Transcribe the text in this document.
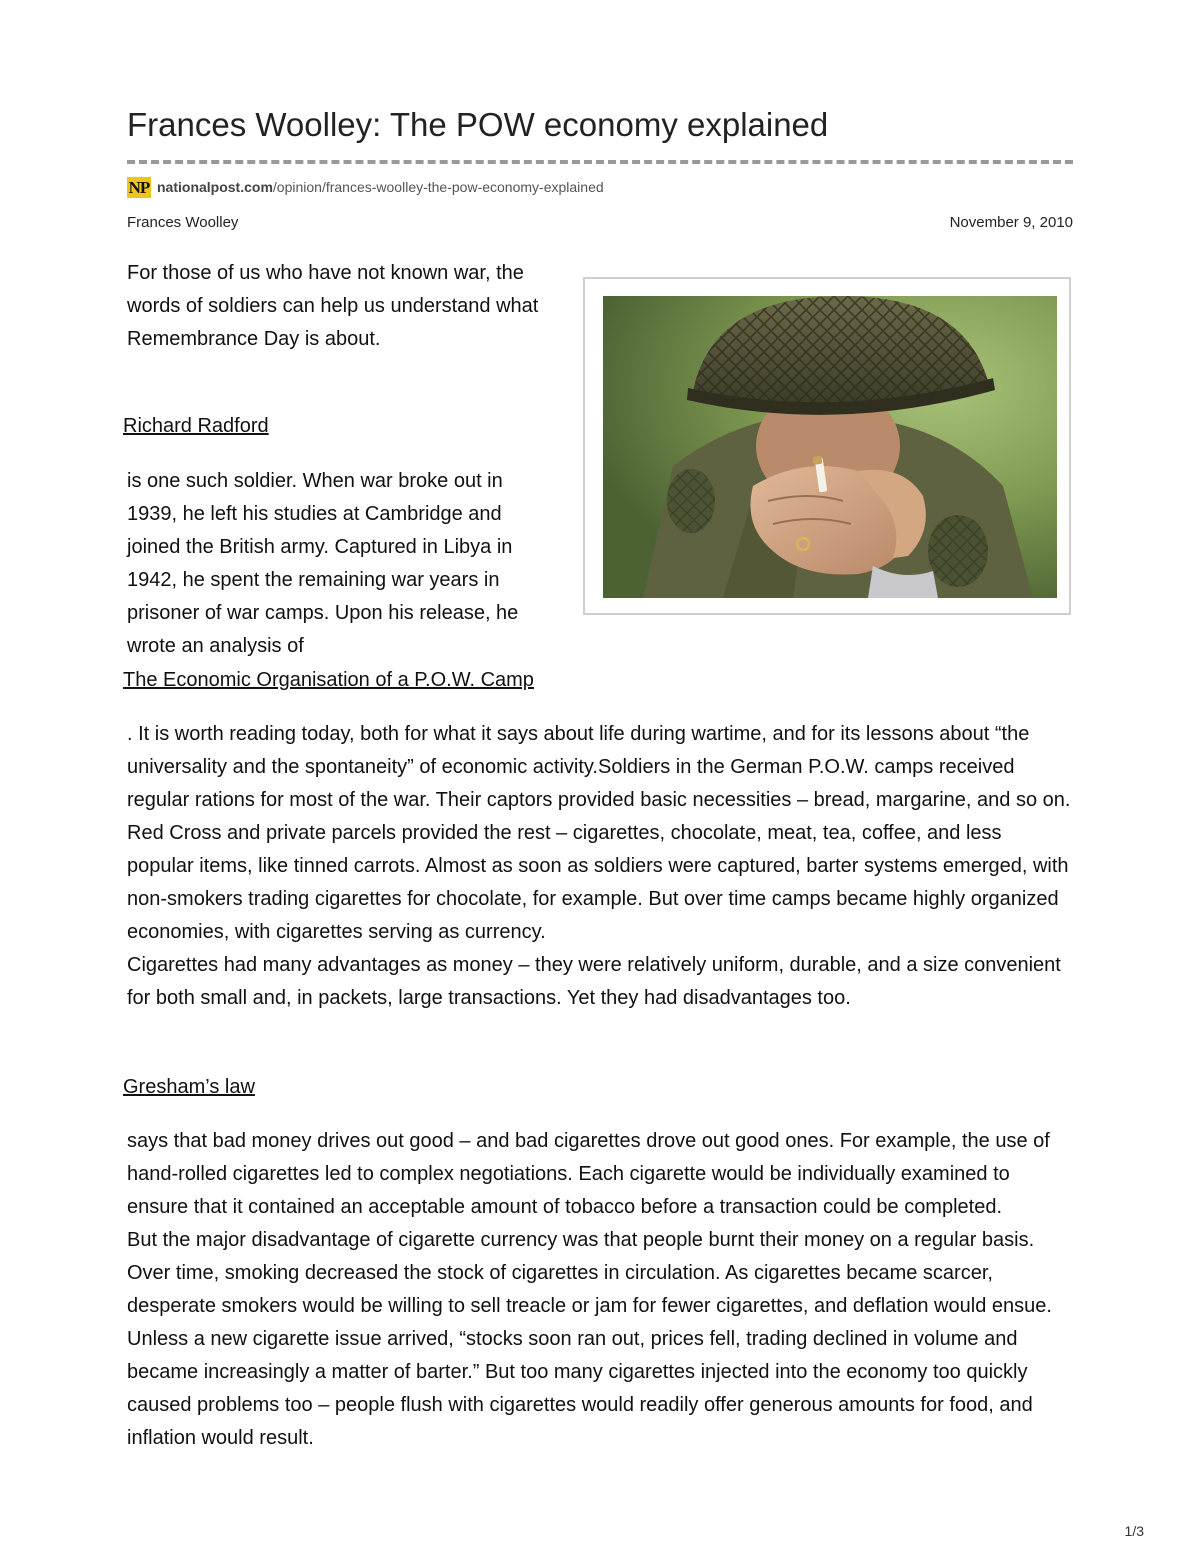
Frances Woolley: The POW economy explained
NP nationalpost.com /opinion/frances-woolley-the-pow-economy-explained
Frances Woolley	November 9, 2010

For those of us who have not known war, the words of soldiers can help us understand what Remembrance Day is about.

Richard Radford

is one such soldier. When war broke out in 1939, he left his studies at Cambridge and joined the British army. Captured in Libya in 1942, he spent the remaining war years in prisoner of war camps. Upon his release, he wrote an analysis of

The Economic Organisation of a P.O.W. Camp
. It is worth reading today, both for what it says about life during wartime, and for its lessons about “the universality and the spontaneity” of economic activity.Soldiers in the German P.O.W. camps received regular rations for most of the war. Their captors provided basic necessities – bread, margarine, and so on. Red Cross and private parcels provided the rest – cigarettes, chocolate, meat, tea, coffee, and less popular items, like tinned carrots. Almost as soon as soldiers were captured, barter systems emerged, with non-smokers trading cigarettes for chocolate, for example. But over time camps became highly organized economies, with cigarettes serving as currency.
Cigarettes had many advantages as money – they were relatively uniform, durable, and a size convenient for both small and, in packets, large transactions. Yet they had disadvantages too.
Gresham’s law
says that bad money drives out good – and bad cigarettes drove out good ones. For example, the use of hand-rolled cigarettes led to complex negotiations. Each cigarette would be individually examined to ensure that it contained an acceptable amount of tobacco before a transaction could be completed.
But the major disadvantage of cigarette currency was that people burnt their money on a regular basis. Over time, smoking decreased the stock of cigarettes in circulation. As cigarettes became scarcer, desperate smokers would be willing to sell treacle or jam for fewer cigarettes, and deflation would ensue. Unless a new cigarette issue arrived, “stocks soon ran out, prices fell, trading declined in volume and became increasingly a matter of barter.” But too many cigarettes injected into the economy too quickly caused problems too – people flush with cigarettes would readily offer generous amounts for food, and inflation would result.
1/3
